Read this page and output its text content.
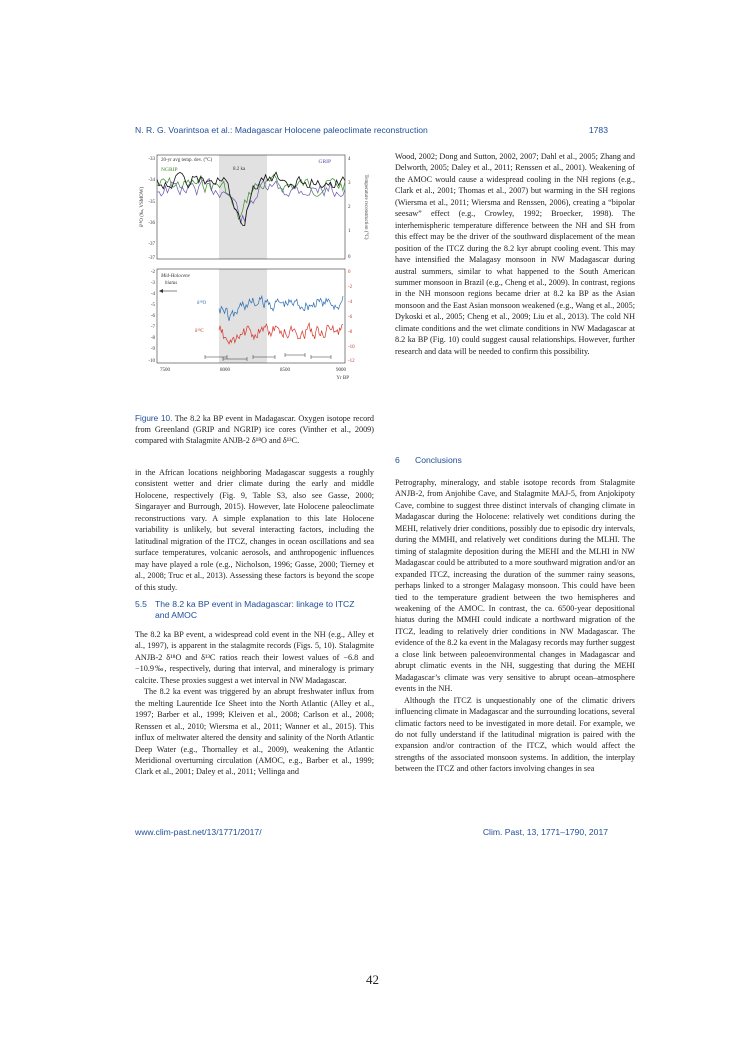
N. R. G. Voarintsoa et al.: Madagascar Holocene paleoclimate reconstruction	1783
-33
-34
-35
-36
-37
-37
4
3
2
1
0
δ¹⁸O (‰, VSMOW)	Temperature reconstruction (°C)
20-yr avg temp. dev. (°C)
NGRIP
GRIP
8.2 ka
-2
-3
-4
-5
-6
-7
-8
-9
-10
0
-2
-4
-6
-8
-10
-12
Mid-Holocene
hiatus
δ¹⁸O
δ¹³C
7500	8000	8500	9000
Yr BP
Figure 10. The 8.2 ka BP event in Madagascar. Oxygen isotope record from Greenland (GRIP and NGRIP) ice cores (Vinther et al., 2009) compared with Stalagmite ANJB-2 δ¹⁸O and δ¹³C.

in the African locations neighboring Madagascar suggests a roughly consistent wetter and drier climate during the early and middle Holocene, respectively (Fig. 9, Table S3, also see Gasse, 2000; Singarayer and Burrough, 2015). However, late Holocene paleoclimate reconstructions vary. A simple explanation to this late Holocene variability is unlikely, but several interacting factors, including the latitudinal migration of the ITCZ, changes in ocean oscillations and sea surface temperatures, volcanic aerosols, and anthropogenic influences may have played a role (e.g., Nicholson, 1996; Gasse, 2000; Tierney et al., 2008; Truc et al., 2013). Assessing these factors is beyond the scope of this study.

5.5 The 8.2 ka BP event in Madagascar: linkage to ITCZ
and AMOC

The 8.2 ka BP event, a widespread cold event in the NH (e.g., Alley et al., 1997), is apparent in the stalagmite records (Figs. 5, 10). Stalagmite ANJB-2 δ¹⁸O and δ¹³C ratios reach their lowest values of −6.8 and −10.9‰, respectively, during that interval, and mineralogy is primary calcite. These proxies suggest a wet interval in NW Madagascar.

The 8.2 ka event was triggered by an abrupt freshwater influx from the melting Laurentide Ice Sheet into the North Atlantic (Alley et al., 1997; Barber et al., 1999; Kleiven et al., 2008; Carlson et al., 2008; Renssen et al., 2010; Wiersma et al., 2011; Wanner et al., 2015). This influx of meltwater altered the density and salinity of the North Atlantic Deep Water (e.g., Thornalley et al., 2009), weakening the Atlantic Meridional overturning circulation (AMOC, e.g., Barber et al., 1999; Clark et al., 2001; Daley et al., 2011; Vellinga and

Wood, 2002; Dong and Sutton, 2002, 2007; Dahl et al., 2005; Zhang and Delworth, 2005; Daley et al., 2011; Renssen et al., 2001). Weakening of the AMOC would cause a widespread cooling in the NH regions (e.g., Clark et al., 2001; Thomas et al., 2007) but warming in the SH regions (Wiersma et al., 2011; Wiersma and Renssen, 2006), creating a “bipolar seesaw” effect (e.g., Crowley, 1992; Broecker, 1998). The interhemispheric temperature difference between the NH and SH from this effect may be the driver of the southward displacement of the mean position of the ITCZ during the 8.2 kyr abrupt cooling event. This may have intensified the Malagasy monsoon in NW Madagascar during austral summers, similar to what happened to the South American summer monsoon in Brazil (e.g., Cheng et al., 2009). In contrast, regions in the NH monsoon regions became drier at 8.2 ka BP as the Asian monsoon and the East Asian monsoon weakened (e.g., Wang et al., 2005; Dykoski et al., 2005; Cheng et al., 2009; Liu et al., 2013). The cold NH climate conditions and the wet climate conditions in NW Madagascar at 8.2 ka BP (Fig. 10) could suggest causal relationships. However, further research and data will be needed to confirm this possibility.

6 Conclusions

Petrography, mineralogy, and stable isotope records from Stalagmite ANJB-2, from Anjohibe Cave, and Stalagmite MAJ-5, from Anjokipoty Cave, combine to suggest three distinct intervals of changing climate in Madagascar during the Holocene: relatively wet conditions during the MEHI, relatively drier conditions, possibly due to episodic dry intervals, during the MMHI, and relatively wet conditions during the MLHI. The timing of stalagmite deposition during the MEHI and the MLHI in NW Madagascar could be attributed to a more southward migration and/or an expanded ITCZ, increasing the duration of the summer rainy seasons, perhaps linked to a stronger Malagasy monsoon. This could have been tied to the temperature gradient between the two hemispheres and weakening of the AMOC. In contrast, the ca. 6500-year depositional hiatus during the MMHI could indicate a northward migration of the ITCZ, leading to relatively drier conditions in NW Madagascar. The evidence of the 8.2 ka event in the Malagasy records may further suggest a close link between paleoenvironmental changes in Madagascar and abrupt climatic events in the NH, suggesting that during the MEHI Madagascar’s climate was very sensitive to abrupt ocean–atmosphere events in the NH.

Although the ITCZ is unquestionably one of the climatic drivers influencing climate in Madagascar and the surrounding locations, several climatic factors need to be investigated in more detail. For example, we do not fully understand if the latitudinal migration is paired with the expansion and/or contraction of the ITCZ, which would affect the strengths of the associated monsoon systems. In addition, the interplay between the ITCZ and other factors involving changes in sea

www.clim-past.net/13/1771/2017/	Clim. Past, 13, 1771–1790, 2017
42
